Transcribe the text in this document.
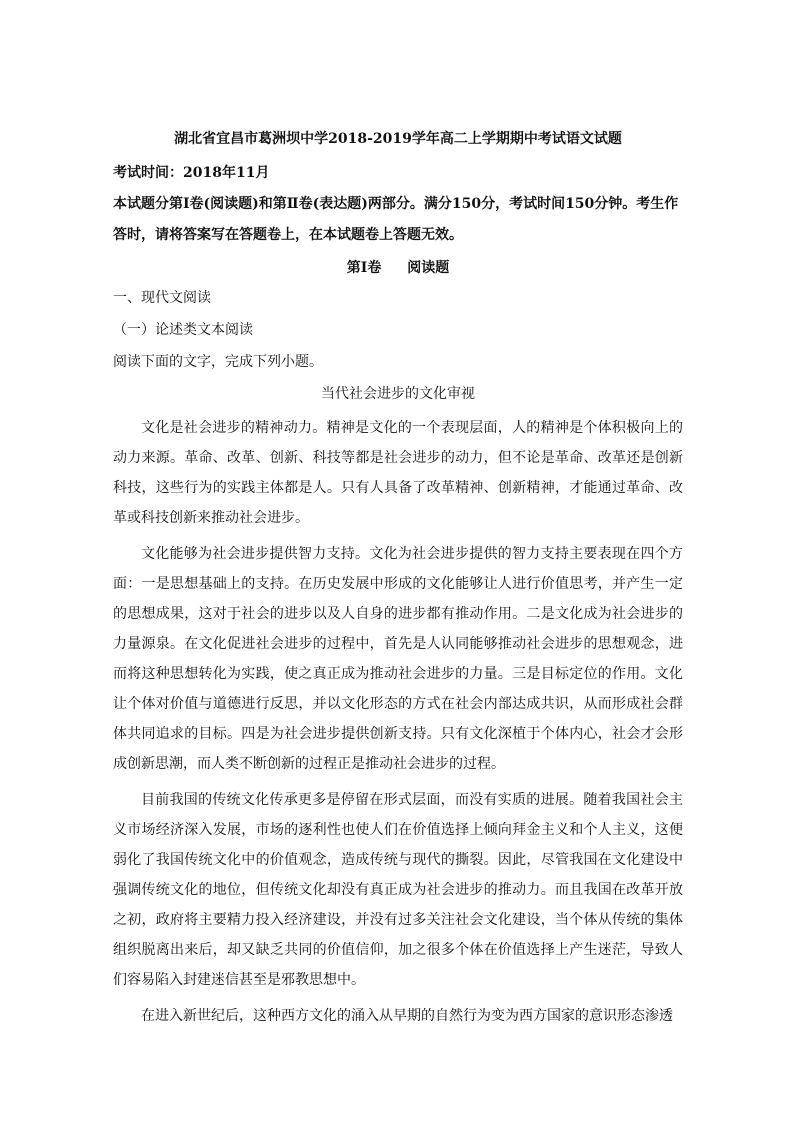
湖北省宜昌市葛洲坝中学2018-2019学年高二上学期期中考试语文试题

考试时间：2018年11月

本试题分第Ⅰ卷(阅读题)和第Ⅱ卷(表达题)两部分。满分150分，考试时间150分钟。考生作答时，请将答案写在答题卷上，在本试题卷上答题无效。

第Ⅰ卷 阅读题

一、现代文阅读

（一）论述类文本阅读

阅读下面的文字，完成下列小题。

当代社会进步的文化审视

文化是社会进步的精神动力。精神是文化的一个表现层面，人的精神是个体积极向上的动力来源。革命、改革、创新、科技等都是社会进步的动力，但不论是革命、改革还是创新科技，这些行为的实践主体都是人。只有人具备了改革精神、创新精神，才能通过革命、改革或科技创新来推动社会进步。

文化能够为社会进步提供智力支持。文化为社会进步提供的智力支持主要表现在四个方面：一是思想基础上的支持。在历史发展中形成的文化能够让人进行价值思考，并产生一定的思想成果，这对于社会的进步以及人自身的进步都有推动作用。二是文化成为社会进步的力量源泉。在文化促进社会进步的过程中，首先是人认同能够推动社会进步的思想观念，进而将这种思想转化为实践，使之真正成为推动社会进步的力量。三是目标定位的作用。文化让个体对价值与道德进行反思，并以文化形态的方式在社会内部达成共识，从而形成社会群体共同追求的目标。四是为社会进步提供创新支持。只有文化深植于个体内心，社会才会形成创新思潮，而人类不断创新的过程正是推动社会进步的过程。

目前我国的传统文化传承更多是停留在形式层面，而没有实质的进展。随着我国社会主义市场经济深入发展，市场的逐利性也使人们在价值选择上倾向拜金主义和个人主义，这便弱化了我国传统文化中的价值观念，造成传统与现代的撕裂。因此，尽管我国在文化建设中强调传统文化的地位，但传统文化却没有真正成为社会进步的推动力。而且我国在改革开放之初，政府将主要精力投入经济建设，并没有过多关注社会文化建设，当个体从传统的集体组织脱离出来后，却又缺乏共同的价值信仰，加之很多个体在价值选择上产生迷茫，导致人们容易陷入封建迷信甚至是邪教思想中。

在进入新世纪后，这种西方文化的涌入从早期的自然行为变为西方国家的意识形态渗透
